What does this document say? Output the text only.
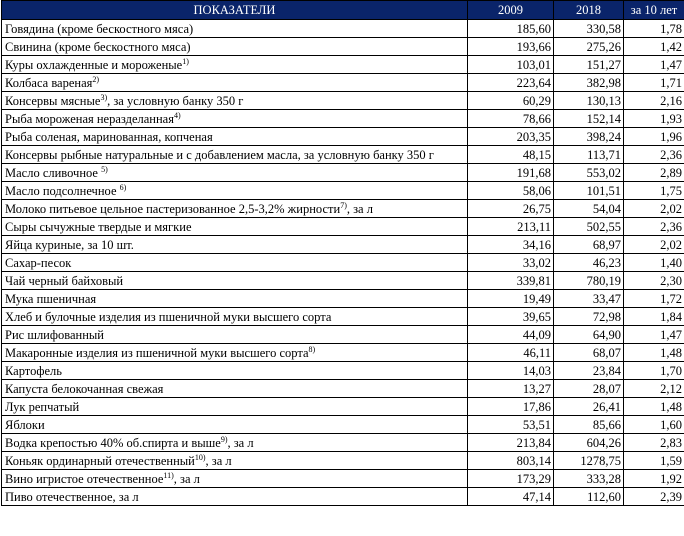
ПОКАЗАТЕЛИ	2009	2018	за 10 лет
Говядина (кроме бескостного мяса)	185,60	330,58	1,78
Свинина (кроме бескостного мяса)	193,66	275,26	1,42
Куры охлажденные и мороженые$^{1)}$	103,01	151,27	1,47
Колбаса вареная$^{2)}$	223,64	382,98	1,71
Консервы мясные$^{3)}$, за условную банку 350 г	60,29	130,13	2,16
Рыба мороженая неразделанная$^{4)}$	78,66	152,14	1,93
Рыба соленая, маринованная, копченая	203,35	398,24	1,96
Консервы рыбные натуральные и с добавлением масла, за условную банку 350 г	48,15	113,71	2,36
Масло сливочное $^{5)}$	191,68	553,02	2,89
Масло подсолнечное $^{6)}$	58,06	101,51	1,75
Молоко питьевое цельное пастеризованное 2,5-3,2% жирности$^{7)}$, за л	26,75	54,04	2,02
Сыры сычужные твердые и мягкие	213,11	502,55	2,36
Яйца куриные, за 10 шт.	34,16	68,97	2,02
Сахар-песок	33,02	46,23	1,40
Чай черный байховый	339,81	780,19	2,30
Мука пшеничная	19,49	33,47	1,72
Хлеб и булочные изделия из пшеничной муки высшего сорта	39,65	72,98	1,84
Рис шлифованный	44,09	64,90	1,47
Макаронные изделия из пшеничной муки высшего сорта$^{8)}$	46,11	68,07	1,48
Картофель	14,03	23,84	1,70
Капуста белокочанная свежая	13,27	28,07	2,12
Лук репчатый	17,86	26,41	1,48
Яблоки	53,51	85,66	1,60
Водка крепостью 40% об.спирта и выше$^{9)}$, за л	213,84	604,26	2,83
Коньяк ординарный отечественный$^{10)}$, за л	803,14	1278,75	1,59
Вино игристое отечественное$^{11)}$, за л	173,29	333,28	1,92
Пиво отечественное, за л	47,14	112,60	2,39
